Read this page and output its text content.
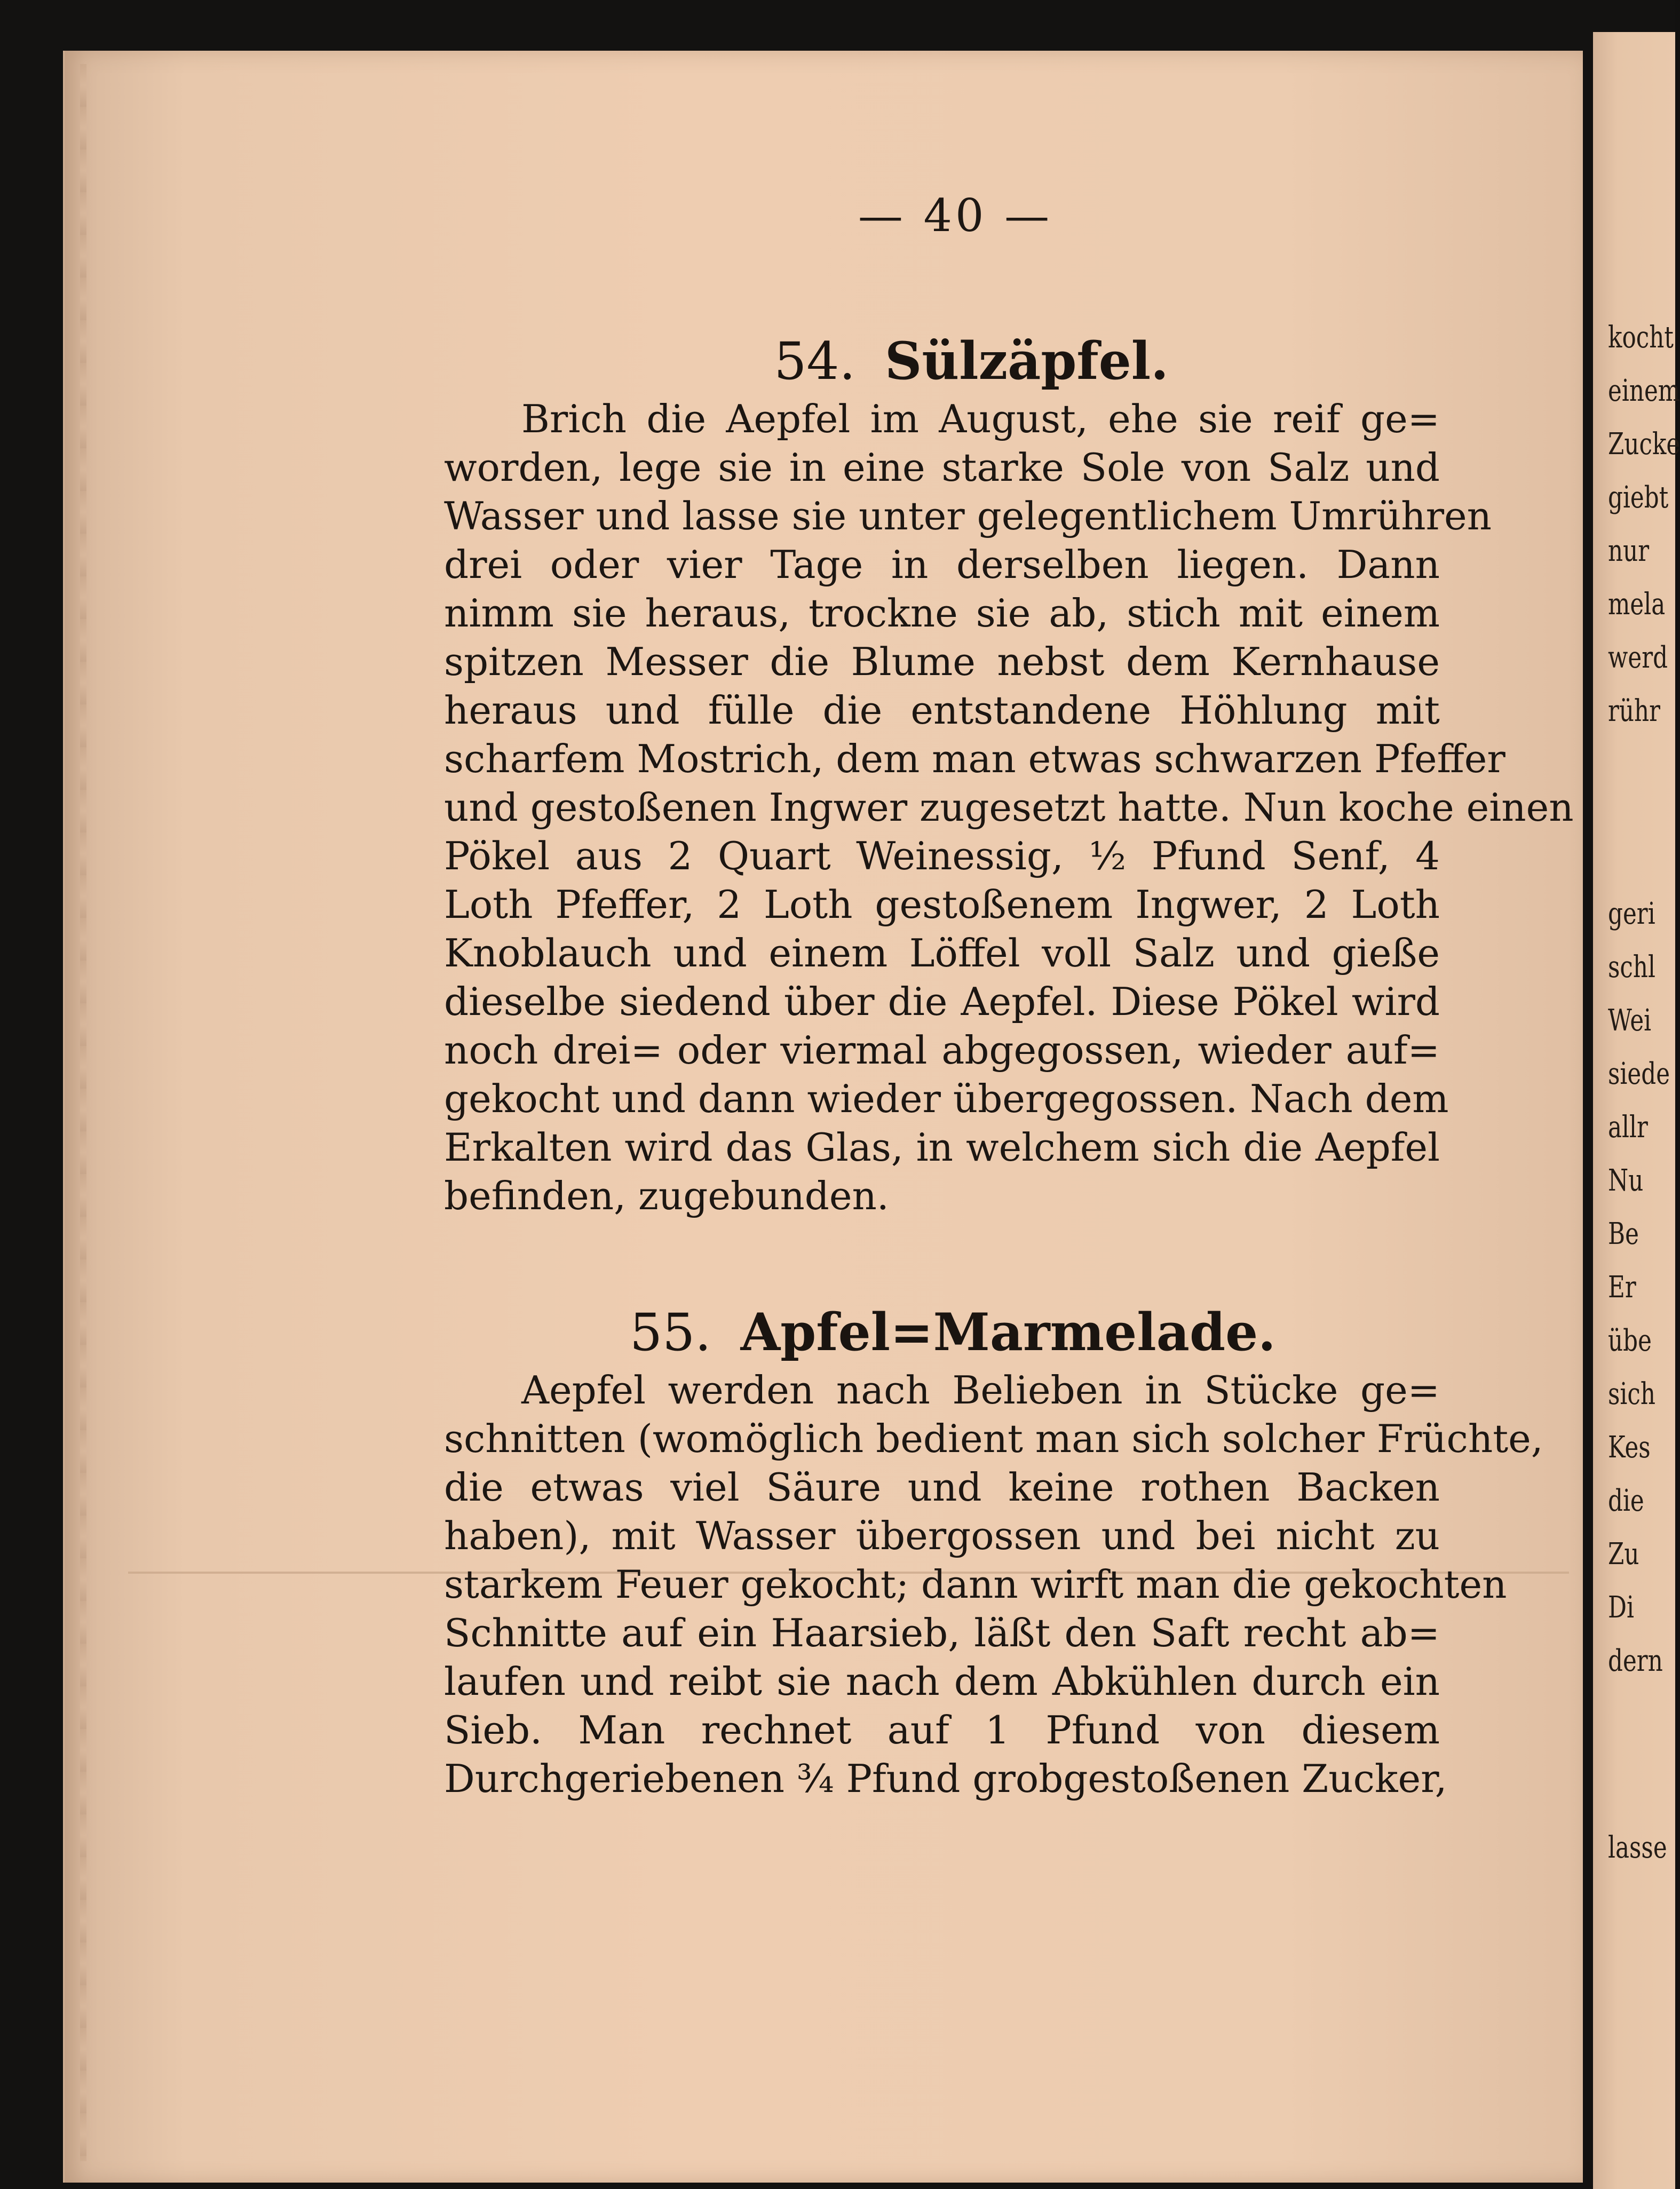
kocht
einem
Zucke
giebt
nur
mela
werd
rühr
geri
schl
Wei
siede
allr
Nu
Be
Er
übe
sich
Kes
die
Zu
Di
dern
lasse
— 40 —
54. Sülzäpfel.
Brich die Aepfel im August, ehe sie reif ge=
worden, lege sie in eine starke Sole von Salz und
Wasser und lasse sie unter gelegentlichem Umrühren
drei oder vier Tage in derselben liegen. Dann
nimm sie heraus, trockne sie ab, stich mit einem
spitzen Messer die Blume nebst dem Kernhause
heraus und fülle die entstandene Höhlung mit
scharfem Mostrich, dem man etwas schwarzen Pfeffer
und gestoßenen Ingwer zugesetzt hatte. Nun koche einen
Pökel aus 2 Quart Weinessig, ½ Pfund Senf, 4
Loth Pfeffer, 2 Loth gestoßenem Ingwer, 2 Loth
Knoblauch und einem Löffel voll Salz und gieße
dieselbe siedend über die Aepfel. Diese Pökel wird
noch drei= oder viermal abgegossen, wieder auf=
gekocht und dann wieder übergegossen. Nach dem
Erkalten wird das Glas, in welchem sich die Aepfel
befinden, zugebunden.
55. Apfel=Marmelade.
Aepfel werden nach Belieben in Stücke ge=
schnitten (womöglich bedient man sich solcher Früchte,
die etwas viel Säure und keine rothen Backen
haben), mit Wasser übergossen und bei nicht zu
starkem Feuer gekocht; dann wirft man die gekochten
Schnitte auf ein Haarsieb, läßt den Saft recht ab=
laufen und reibt sie nach dem Abkühlen durch ein
Sieb. Man rechnet auf 1 Pfund von diesem
Durchgeriebenen ¾ Pfund grobgestoßenen Zucker,
